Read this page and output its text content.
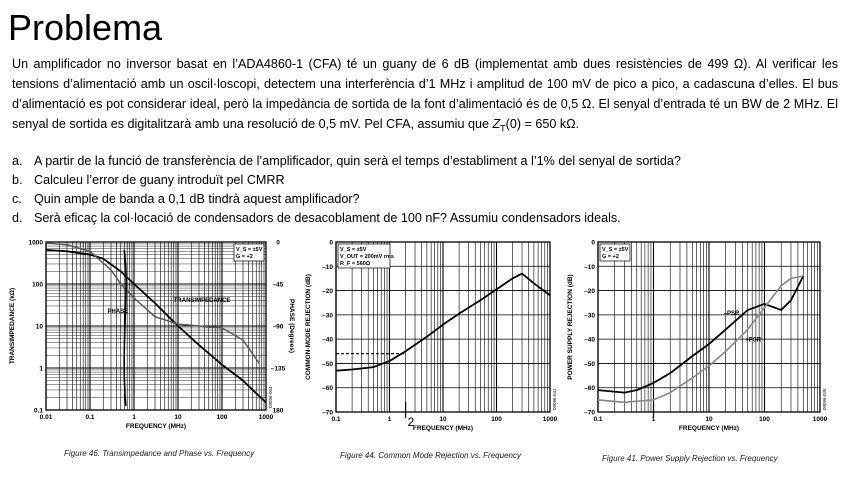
Problema
Un amplificador no inversor basat en l’ADA4860-1 (CFA) té un guany de 6 dB (implementat amb dues resistències de 499 Ω). Al verificar les tensions d’alimentació amb un oscil·loscopi, detectem una interferència d’1 MHz i amplitud de 100 mV de pico a pico, a cadascuna d’elles. El bus d’alimentació es pot considerar ideal, però la impedància de sortida de la font d’alimentació és de 0,5 Ω. El senyal d’entrada té un BW de 2 MHz. El senyal de sortida es digitalitzarà amb una resolució de 0,5 mV. Pel CFA, assumiu que $Z_T(0) = 650$ kΩ.
a. A partir de la funció de transferència de l’amplificador, quin serà el temps d’establiment a l’1% del senyal de sortida?
b. Calculeu l’error de guany introduït pel CMRR
c. Quin ample de banda a 0,1 dB tindrà aquest amplificador?
d. Serà eficaç la col·locació de condensadors de desacoblament de 100 nF? Assumiu condensadors ideals.
0.01	0.1	1	10	100	1000
1000
100
10
1
0.1
FREQUENCY (MHz)
TRANSIMPEDANCE (kΩ)
V_S = ±5V
G = +2
09096-004
0
–45
–90
–135
180
PHASE (Degrees)
TRANSIMPEDANCE
PHASE
Figure 46. Transimpedance and Phase vs. Frequency
0.1	1	10	100	1000
0
–10
–20
–30
–40
–50
–60
–70
FREQUENCY (MHz)
COMMON-MODE REJECTION (dB)
V_S = ±5V
V_OUT = 200mV rms
R_F = 560Ω
09096-041
2
Figure 44. Common Mode Rejection vs. Frequency
0.1	1	10	100	1000
0
–10
–20
–30
–40
–50
–60
–70
FREQUENCY (MHz)
POWER SUPPLY REJECTION (dB)
V_S = ±5V
G = +2
09096-035
–PSR
+PSR
Figure 41. Power Supply Rejection vs. Frequency
